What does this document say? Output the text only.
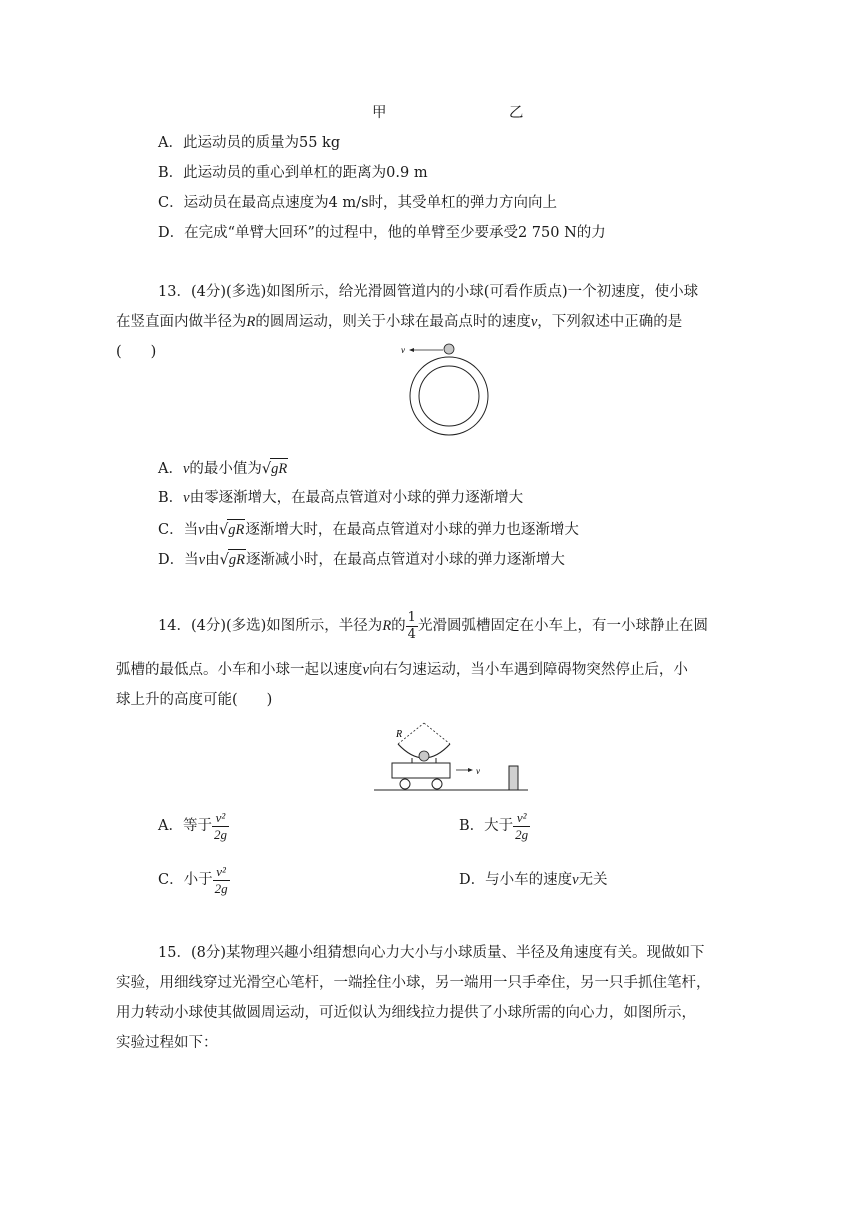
甲	乙
A．此运动员的质量为55 kg
B．此运动员的重心到单杠的距离为0.9 m
C．运动员在最高点速度为4 m/s时，其受单杠的弹力方向向上
D．在完成“单臂大回环”的过程中，他的单臂至少要承受2 750 N的力
13．(4分)(多选)如图所示，给光滑圆管道内的小球(可看作质点)一个初速度，使小球
在竖直面内做半径为R的圆周运动，则关于小球在最高点时的速度v，下列叙述中正确的是
(　　)	v
A．v的最小值为√gR
B．v由零逐渐增大，在最高点管道对小球的弹力逐渐增大
C．当v由√gR逐渐增大时，在最高点管道对小球的弹力也逐渐增大
D．当v由√gR逐渐减小时，在最高点管道对小球的弹力逐渐增大
14．(4分)(多选)如图所示，半径为R的 $\frac{1}{4}$ 光滑圆弧槽固定在小车上，有一小球静止在圆
弧槽的最低点。小车和小球一起以速度v向右匀速运动，当小车遇到障碍物突然停止后，小
球上升的高度可能(　　)
R
v
A．等于 $\frac{\text{v²}}{2g}$	B．大于 $\frac{\text{v²}}{2g}$
C．小于 $\frac{\text{v²}}{2g}$	D．与小车的速度v无关
15．(8分)某物理兴趣小组猜想向心力大小与小球质量、半径及角速度有关。现做如下
实验，用细线穿过光滑空心笔杆，一端拴住小球，另一端用一只手牵住，另一只手抓住笔杆，
用力转动小球使其做圆周运动，可近似认为细线拉力提供了小球所需的向心力，如图所示，
实验过程如下：
